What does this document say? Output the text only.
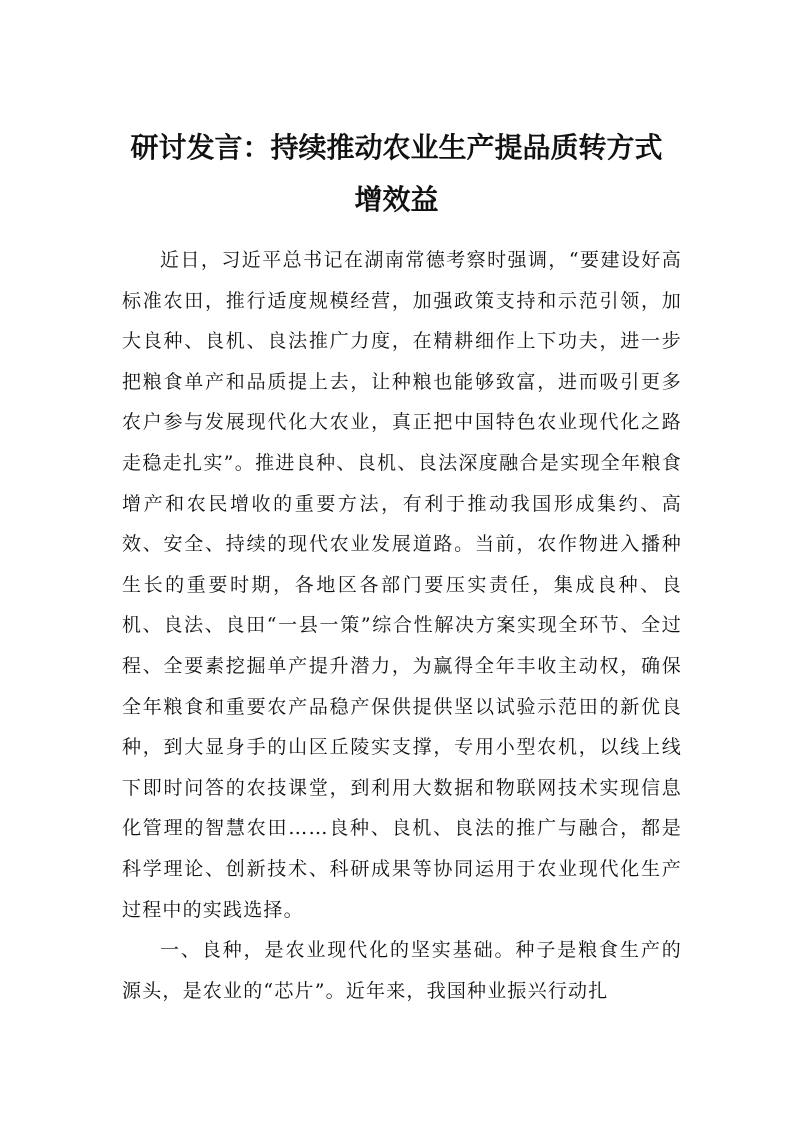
研讨发言：持续推动农业生产提品质转方式
增效益

近日，习近平总书记在湖南常德考察时强调，“要建设好高标准农田，推行适度规模经营，加强政策支持和示范引领，加大良种、良机、良法推广力度，在精耕细作上下功夫，进一步把粮食单产和品质提上去，让种粮也能够致富，进而吸引更多农户参与发展现代化大农业，真正把中国特色农业现代化之路走稳走扎实”。推进良种、良机、良法深度融合是实现全年粮食增产和农民增收的重要方法，有利于推动我国形成集约、高效、安全、持续的现代农业发展道路。当前，农作物进入播种生长的重要时期，各地区各部门要压实责任，集成良种、良机、良法、良田“一县一策”综合性解决方案实现全环节、全过程、全要素挖掘单产提升潜力，为赢得全年丰收主动权，确保全年粮食和重要农产品稳产保供提供坚以试验示范田的新优良种，到大显身手的山区丘陵实支撑，专用小型农机，以线上线下即时问答的农技课堂，到利用大数据和物联网技术实现信息化管理的智慧农田……良种、良机、良法的推广与融合，都是科学理论、创新技术、科研成果等协同运用于农业现代化生产过程中的实践选择。

一、良种，是农业现代化的坚实基础。种子是粮食生产的源头，是农业的“芯片”。近年来，我国种业振兴行动扎
